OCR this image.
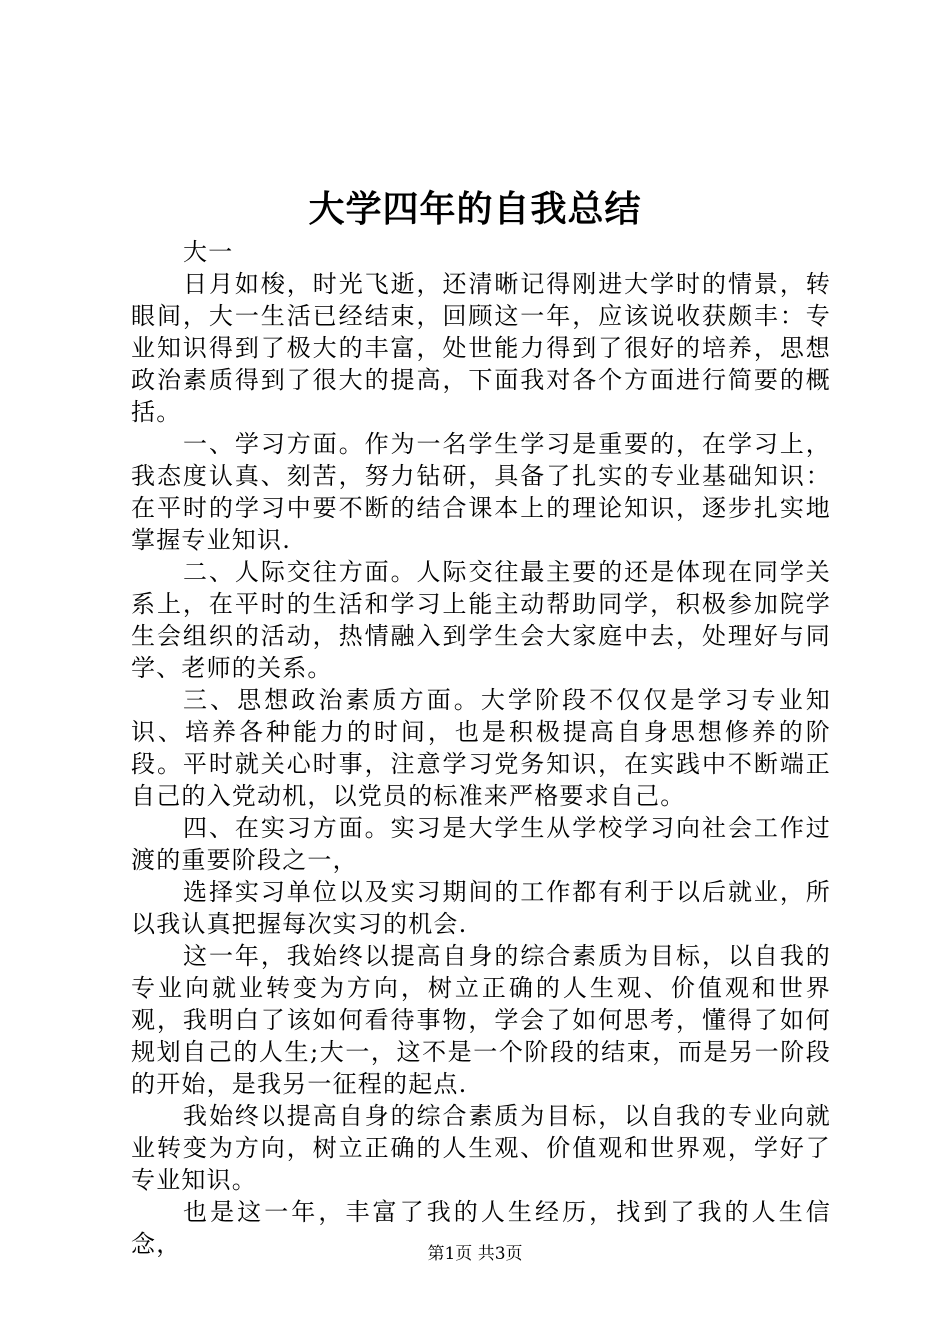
大学四年的自我总结

大一

日月如梭，时光飞逝，还清晰记得刚进大学时的情景，转眼间，大一生活已经结束，回顾这一年，应该说收获颇丰：专业知识得到了极大的丰富，处世能力得到了很好的培养，思想政治素质得到了很大的提高，下面我对各个方面进行简要的概括。

一、学习方面。作为一名学生学习是重要的，在学习上，我态度认真、刻苦，努力钻研，具备了扎实的专业基础知识：在平时的学习中要不断的结合课本上的理论知识，逐步扎实地掌握专业知识.

二、人际交往方面。人际交往最主要的还是体现在同学关系上，在平时的生活和学习上能主动帮助同学，积极参加院学生会组织的活动，热情融入到学生会大家庭中去，处理好与同学、老师的关系。

三、思想政治素质方面。大学阶段不仅仅是学习专业知识、培养各种能力的时间，也是积极提高自身思想修养的阶段。平时就关心时事，注意学习党务知识，在实践中不断端正自己的入党动机，以党员的标准来严格要求自己。

四、在实习方面。实习是大学生从学校学习向社会工作过渡的重要阶段之一，

选择实习单位以及实习期间的工作都有利于以后就业，所以我认真把握每次实习的机会.

这一年，我始终以提高自身的综合素质为目标，以自我的专业向就业转变为方向，树立正确的人生观、价值观和世界观，我明白了该如何看待事物，学会了如何思考，懂得了如何规划自己的人生;大一，这不是一个阶段的结束，而是另一阶段的开始，是我另一征程的起点.

我始终以提高自身的综合素质为目标，以自我的专业向就业转变为方向，树立正确的人生观、价值观和世界观，学好了专业知识。

也是这一年，丰富了我的人生经历，找到了我的人生信念，	第1页 共3页
